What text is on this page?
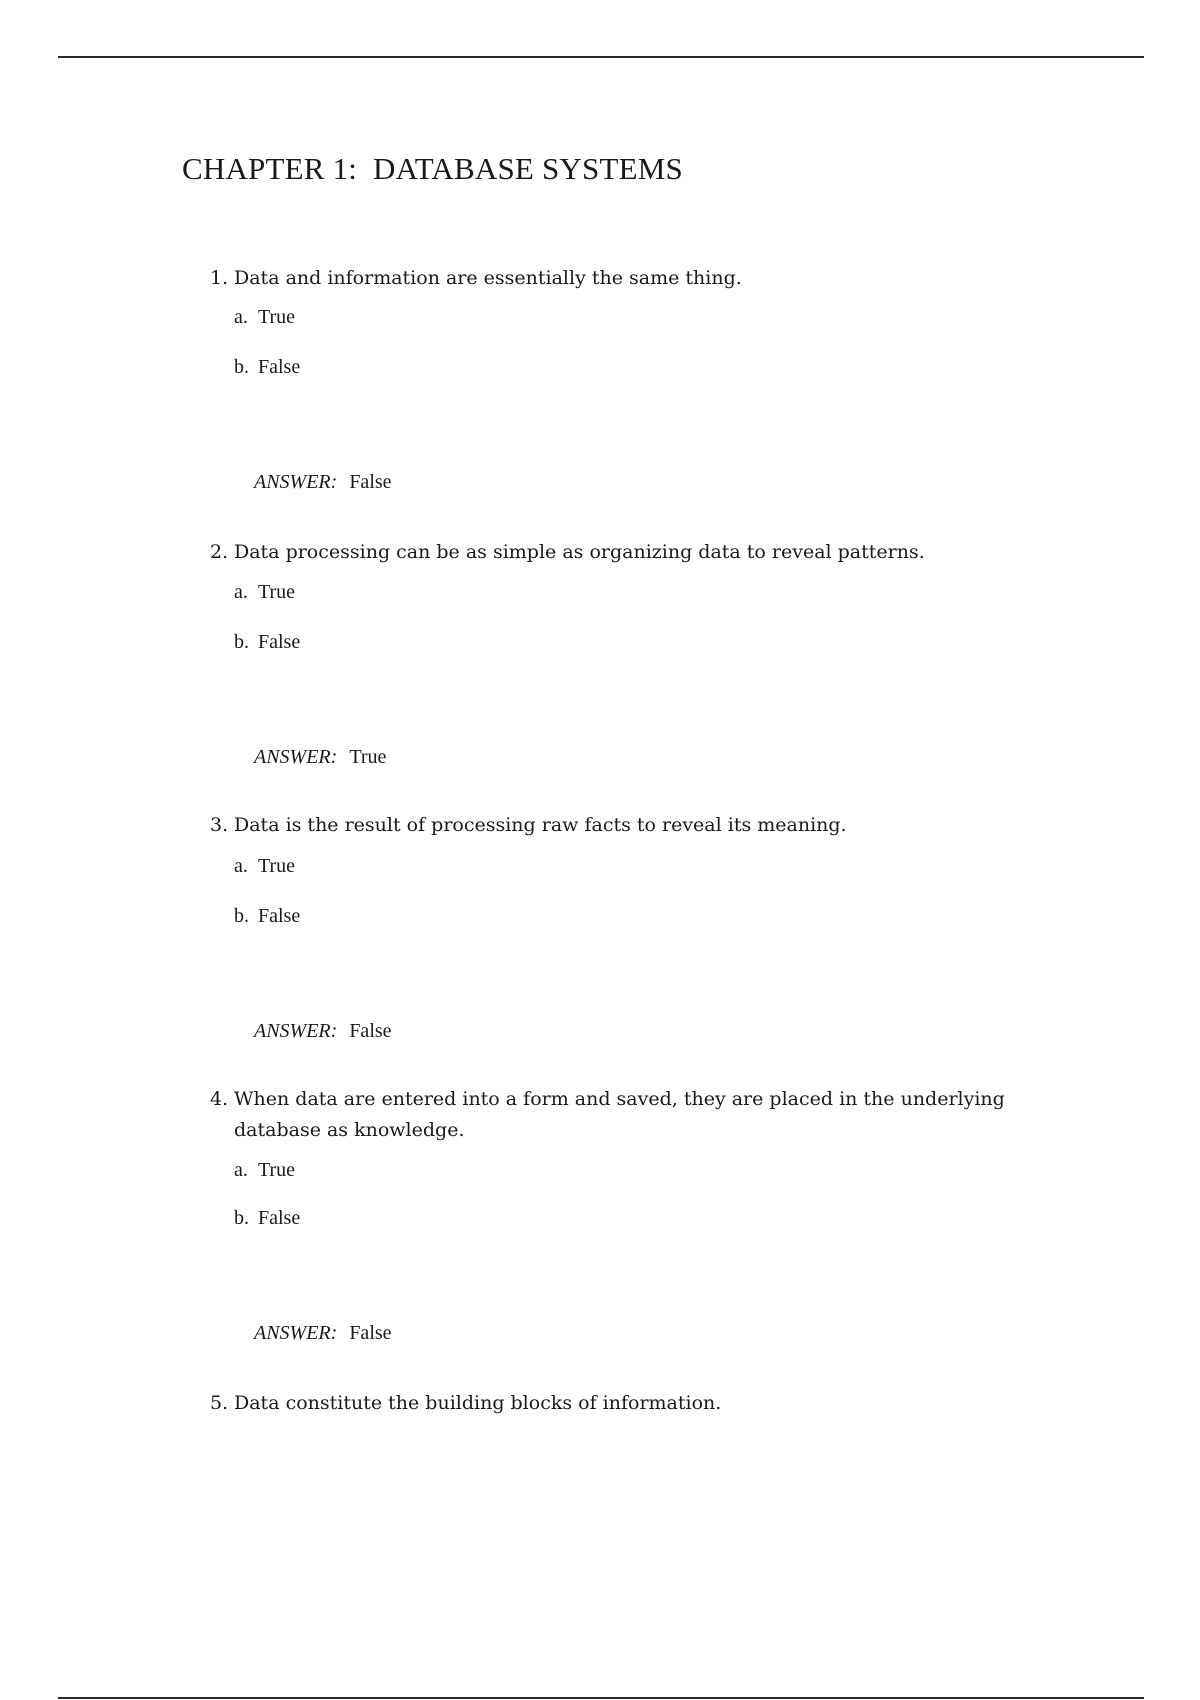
CHAPTER 1:  DATABASE SYSTEMS
1. Data and information are essentially the same thing.
a. True
b. False

ANSWER: False

2. Data processing can be as simple as organizing data to reveal patterns.
a. True
b. False

ANSWER: True

3. Data is the result of processing raw facts to reveal its meaning.
a. True
b. False

ANSWER: False

4. When data are entered into a form and saved, they are placed in the underlying database as knowledge.
a. True
b. False

ANSWER: False

5. Data constitute the building blocks of information.
